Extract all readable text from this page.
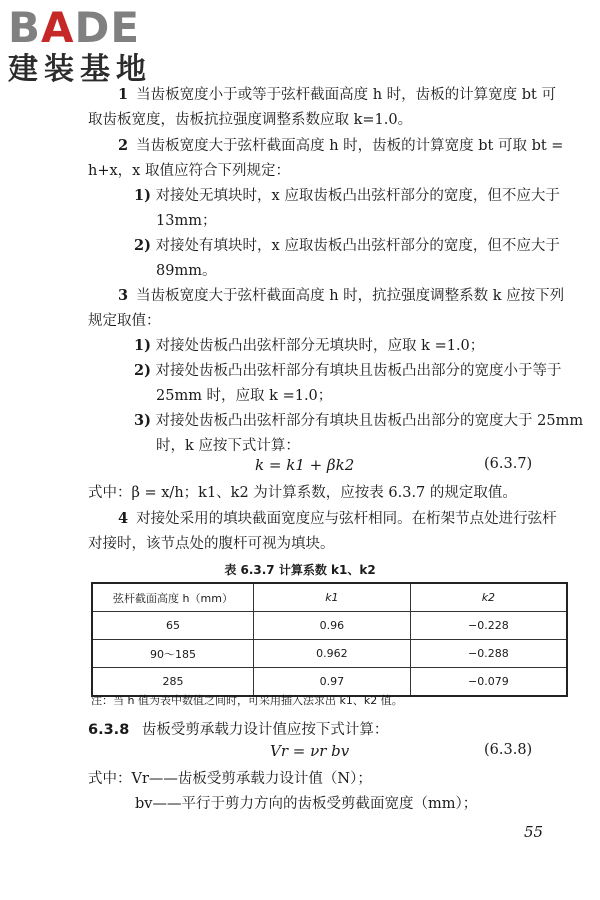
BADE
建装基地
1 当齿板宽度小于或等于弦杆截面高度 h 时，齿板的计算宽度 bt 可取齿板宽度，齿板抗拉强度调整系数应取 k=1.0。
2 当齿板宽度大于弦杆截面高度 h 时，齿板的计算宽度 bt 可取 bt = h+x，x 取值应符合下列规定：
1) 对接处无填块时，x 应取齿板凸出弦杆部分的宽度，但不应大于 13mm；
2) 对接处有填块时，x 应取齿板凸出弦杆部分的宽度，但不应大于 89mm。
3 当齿板宽度大于弦杆截面高度 h 时，抗拉强度调整系数 k 应按下列规定取值：
1) 对接处齿板凸出弦杆部分无填块时，应取 k =1.0；
2) 对接处齿板凸出弦杆部分有填块且齿板凸出部分的宽度小于等于 25mm 时，应取 k =1.0；
3) 对接处齿板凸出弦杆部分有填块且齿板凸出部分的宽度大于 25mm 时，k 应按下式计算：
k = k1 + βk2	(6.3.7)
式中：β = x/h；k1、k2 为计算系数，应按表 6.3.7 的规定取值。
4 对接处采用的填块截面宽度应与弦杆相同。在桁架节点处进行弦杆对接时，该节点处的腹杆可视为填块。
表 6.3.7 计算系数 k1、k2
弦杆截面高度 h（mm）	k1	k2
65	0.96	−0.228
90～185	0.962	−0.288
285	0.97	−0.079
注：当 h 值为表中数值之间时，可采用插入法求出 k1、k2 值。
6.3.8 齿板受剪承载力设计值应按下式计算：
Vr = νr bv	(6.3.8)
式中：Vr——齿板受剪承载力设计值（N）；
bv——平行于剪力方向的齿板受剪截面宽度（mm）；
55
